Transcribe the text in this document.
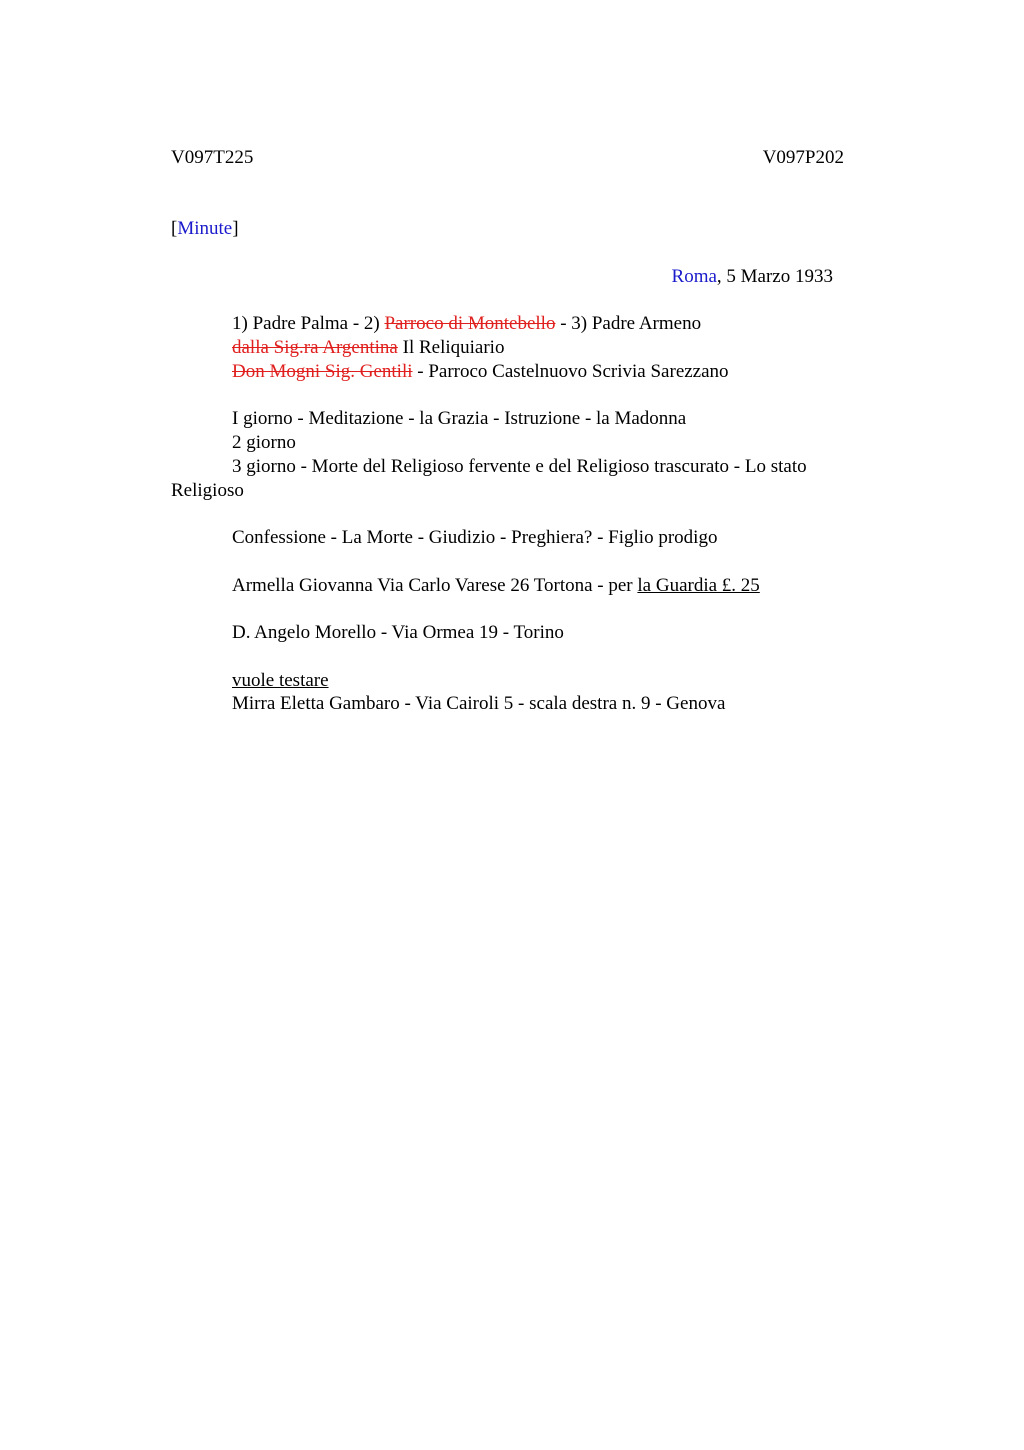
V097T225	V097P202
[Minute]
Roma, 5 Marzo 1933
1) Padre Palma - 2) Parroco di Montebello - 3) Padre Armeno
dalla Sig.ra Argentina Il Reliquiario
Don Mogni Sig. Gentili - Parroco Castelnuovo Scrivia Sarezzano
I giorno - Meditazione - la Grazia - Istruzione - la Madonna
2 giorno
3 giorno - Morte del Religioso fervente e del Religioso trascurato - Lo stato
Religioso
Confessione - La Morte - Giudizio - Preghiera? - Figlio prodigo
Armella Giovanna Via Carlo Varese 26 Tortona - per la Guardia £. 25
D. Angelo Morello - Via Ormea 19 - Torino
vuole testare
Mirra Eletta Gambaro - Via Cairoli 5 - scala destra n. 9 - Genova
